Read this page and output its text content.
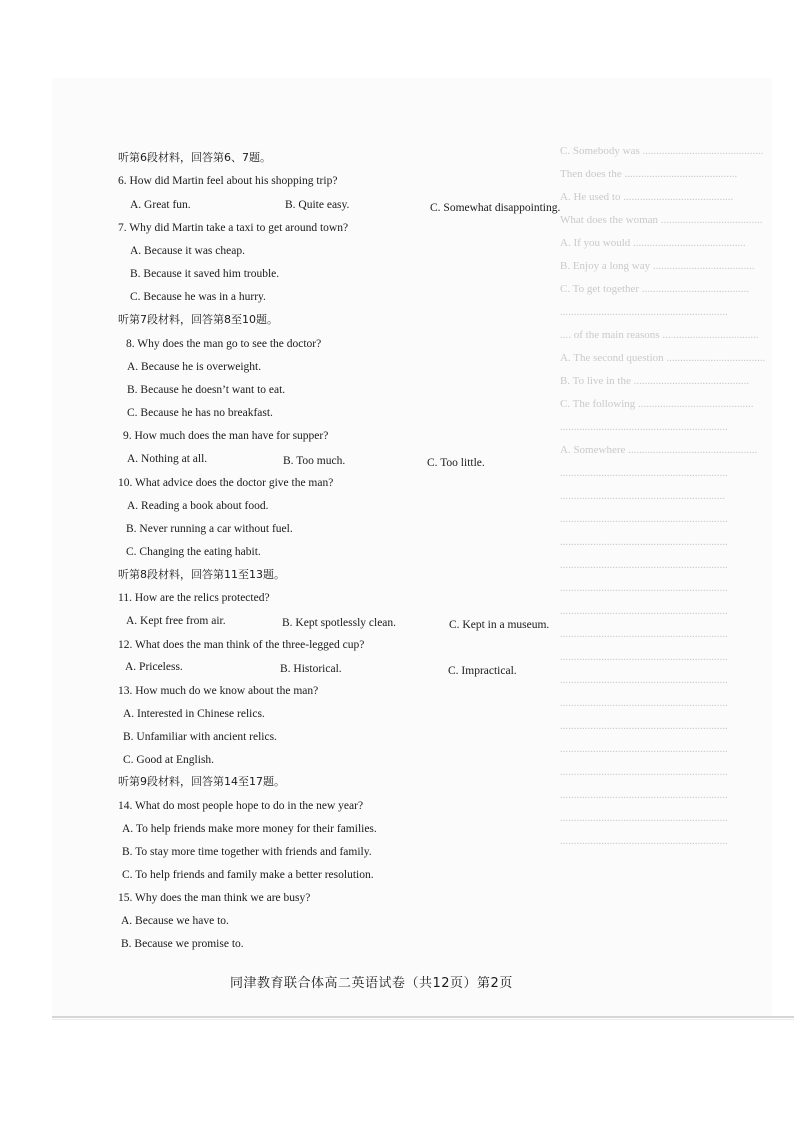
C. Somebody was ............................................
Then does the .........................................
A. He used to ........................................
What does the woman .....................................
A. If you would .........................................
B. Enjoy a long way .....................................
C. To get together .......................................
.............................................................
.... of the main reasons ...................................
A. The second question ....................................
B. To live in the ..........................................
C. The following ..........................................
.............................................................
A. Somewhere ...............................................
.............................................................
............................................................
.............................................................
.............................................................
.............................................................
.............................................................
.............................................................
.............................................................
.............................................................
.............................................................
.............................................................
.............................................................
.............................................................
.............................................................
.............................................................
.............................................................
.............................................................
听第6段材料，回答第6、7题。
6. How did Martin feel about his shopping trip?
A. Great fun.	B. Quite easy.	C. Somewhat disappointing.
7. Why did Martin take a taxi to get around town?
A. Because it was cheap.
B. Because it saved him trouble.
C. Because he was in a hurry.
听第7段材料，回答第8至10题。
8. Why does the man go to see the doctor?
A. Because he is overweight.
B. Because he doesn’t want to eat.
C. Because he has no breakfast.
9. How much does the man have for supper?
A. Nothing at all.	B. Too much.	C. Too little.
10. What advice does the doctor give the man?
A. Reading a book about food.
B. Never running a car without fuel.
C. Changing the eating habit.
听第8段材料，回答第11至13题。
11. How are the relics protected?
A. Kept free from air.	B. Kept spotlessly clean.	C. Kept in a museum.
12. What does the man think of the three-legged cup?
A. Priceless.	B. Historical.	C. Impractical.
13. How much do we know about the man?
A. Interested in Chinese relics.
B. Unfamiliar with ancient relics.
C. Good at English.
听第9段材料，回答第14至17题。
14. What do most people hope to do in the new year?
A. To help friends make more money for their families.
B. To stay more time together with friends and family.
C. To help friends and family make a better resolution.
15. Why does the man think we are busy?
A. Because we have to.
B. Because we promise to.
同津教育联合体高二英语试卷（共12页）第2页
